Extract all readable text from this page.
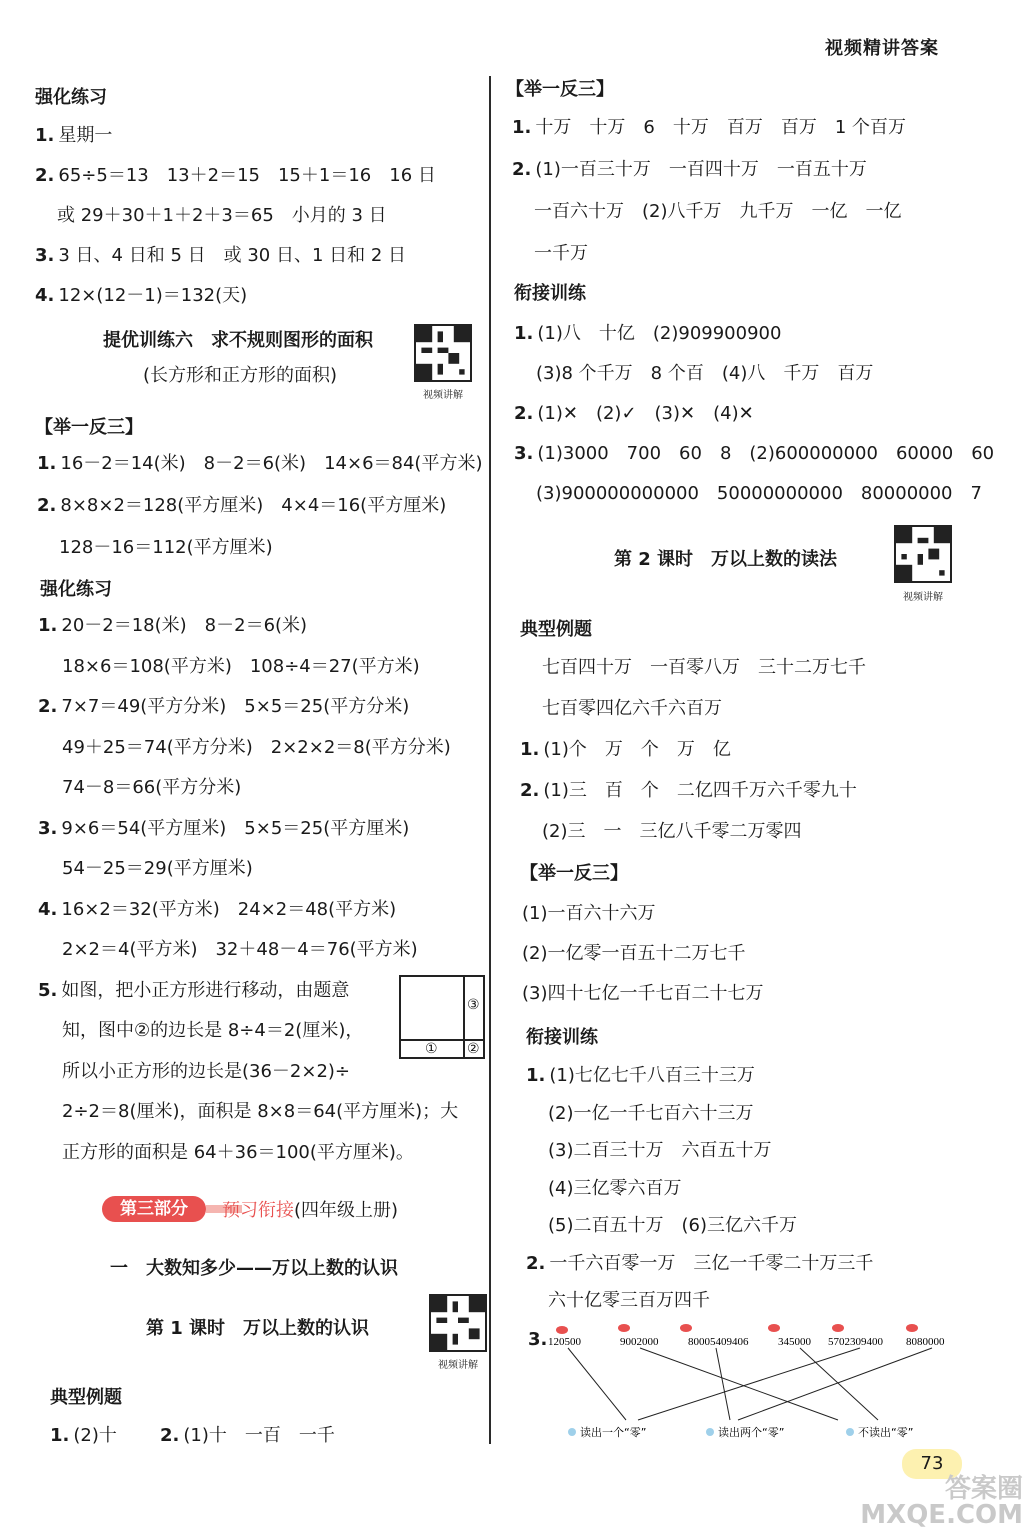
视频精讲答案
强化练习
1. 星期一
2. 65÷5＝13　13＋2＝15　15＋1＝16　16 日
或 29＋30＋1＋2＋3＝65　小月的 3 日
3. 3 日、4 日和 5 日　或 30 日、1 日和 2 日
4. 12×(12－1)＝132(天)
提优训练六　求不规则图形的面积
(长方形和正方形的面积)
视频讲解
【举一反三】
1. 16－2＝14(米)　8－2＝6(米)　14×6＝84(平方米)
2. 8×8×2＝128(平方厘米)　4×4＝16(平方厘米)
128－16＝112(平方厘米)
强化练习
1. 20－2＝18(米)　8－2＝6(米)
18×6＝108(平方米)　108÷4＝27(平方米)
2. 7×7＝49(平方分米)　5×5＝25(平方分米)
49＋25＝74(平方分米)　2×2×2＝8(平方分米)
74－8＝66(平方分米)
3. 9×6＝54(平方厘米)　5×5＝25(平方厘米)
54－25＝29(平方厘米)
4. 16×2＝32(平方米)　24×2＝48(平方米)
2×2＝4(平方米)　32＋48－4＝76(平方米)
5. 如图，把小正方形进行移动，由题意
知，图中②的边长是 8÷4＝2(厘米)，
所以小正方形的边长是(36－2×2)÷
2÷2＝8(厘米)，面积是 8×8＝64(平方厘米)；大
正方形的面积是 64＋36＝100(平方厘米)。
③
① ②
第三部分	预习衔接(四年级上册)
一　大数知多少——万以上数的认识
第 1 课时　万以上数的认识
视频讲解
典型例题
1. (2)十 2. (1)十　一百　一千
【举一反三】
1. 十万　十万　6　十万　百万　百万　1 个百万
2. (1)一百三十万　一百四十万　一百五十万
一百六十万　(2)八千万　九千万　一亿　一亿
一千万
衔接训练
1. (1)八　十亿　(2)909900900
(3)8 个千万　8 个百　(4)八　千万　百万
2. (1)✕　(2)✓　(3)✕　(4)✕
3. (1)3000　700　60　8　(2)600000000　60000　60
(3)900000000000　50000000000　80000000　7
第 2 课时　万以上数的读法
视频讲解
典型例题
七百四十万　一百零八万　三十二万七千
七百零四亿六千六百万
1. (1)个　万　个　万　亿
2. (1)三　百　个　二亿四千万六千零九十
(2)三　一　三亿八千零二万零四
【举一反三】
(1)一百六十六万
(2)一亿零一百五十二万七千
(3)四十七亿一千七百二十七万
衔接训练
1. (1)七亿七千八百三十三万
(2)一亿一千七百六十三万
(3)二百三十万　六百五十万
(4)三亿零六百万
(5)二百五十万　(6)三亿六千万
2. 一千六百零一万　三亿一千零二十万三千
六十亿零三百万四千
3. 120500	9002000	800054094​06	345000 5702309400 8080000
读出一个“零”	读出两个“零”	不读出“零”
73
答案圈
MXQE.COM
